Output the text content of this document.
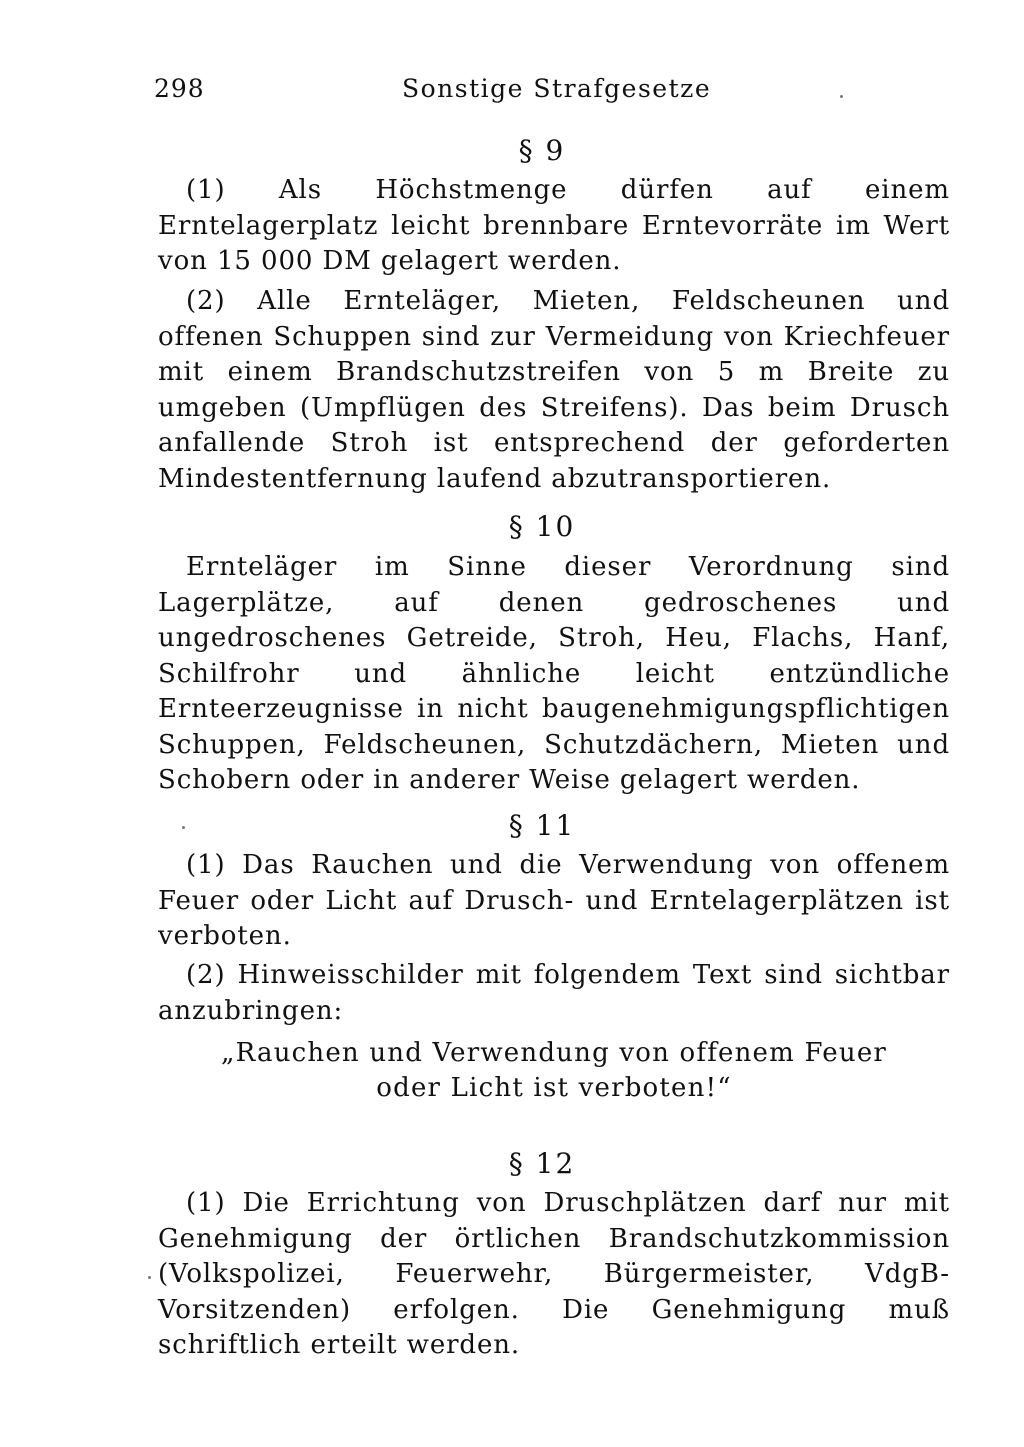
298	Sonstige Strafgesetze
§ 9

(1) Als Höchstmenge dürfen auf einem Erntelagerplatz leicht brennbare Erntevorräte im Wert von 15 000 DM gelagert werden.

(2) Alle Ernteläger, Mieten, Feldscheunen und offenen Schuppen sind zur Vermeidung von Kriechfeuer mit einem Brandschutzstreifen von 5 m Breite zu umgeben (Umpflügen des Streifens). Das beim Drusch anfallende Stroh ist entsprechend der geforderten Mindestentfernung laufend abzutransportieren.

§ 10

Ernteläger im Sinne dieser Verordnung sind Lagerplätze, auf denen gedroschenes und ungedroschenes Getreide, Stroh, Heu, Flachs, Hanf, Schilfrohr und ähnliche leicht entzündliche Ernteerzeugnisse in nicht baugenehmigungspflichtigen Schuppen, Feldscheunen, Schutzdächern, Mieten und Schobern oder in anderer Weise gelagert werden.

§ 11

(1) Das Rauchen und die Verwendung von offenem Feuer oder Licht auf Drusch- und Erntelagerplätzen ist verboten.

(2) Hinweisschilder mit folgendem Text sind sichtbar anzubringen:

„Rauchen und Verwendung von offenem Feuer
oder Licht ist verboten!“
§ 12

(1) Die Errichtung von Druschplätzen darf nur mit Genehmigung der örtlichen Brandschutzkommission (Volkspolizei, Feuerwehr, Bürgermeister, VdgB-Vorsitzenden) erfolgen. Die Genehmigung muß schriftlich erteilt werden.
